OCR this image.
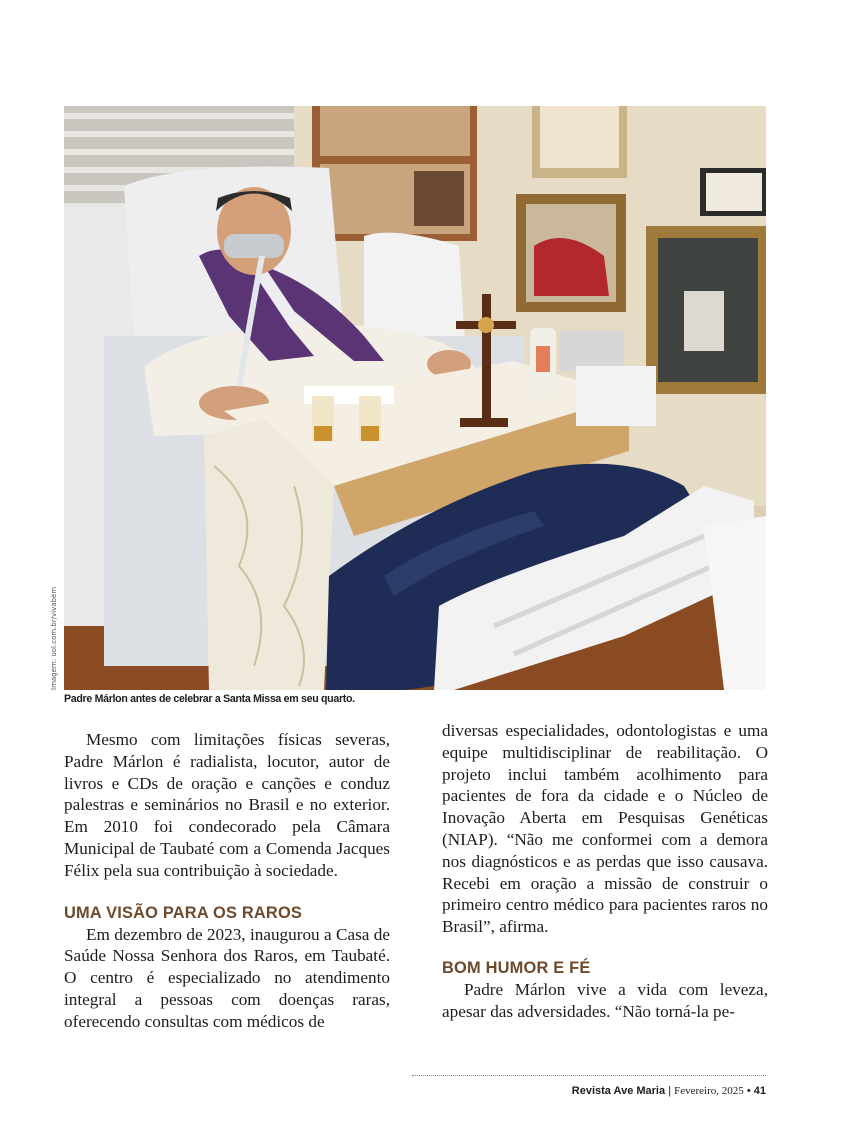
Imagem: uol.com.br/vivabem
Padre Márlon antes de celebrar a Santa Missa em seu quarto.

Mesmo com limitações físicas severas, Padre Márlon é radialista, locutor, autor de livros e CDs de oração e canções e conduz palestras e seminários no Brasil e no exterior. Em 2010 foi condecorado pela Câmara Municipal de Taubaté com a Comenda Jacques Félix pela sua contribuição à sociedade.

UMA VISÃO PARA OS RAROS

Em dezembro de 2023, inaugurou a Casa de Saúde Nossa Senhora dos Raros, em Taubaté. O centro é especializado no atendimento integral a pessoas com doenças raras, oferecendo consultas com médicos de

diversas especialidades, odontologistas e uma equipe multidisciplinar de reabilitação. O projeto inclui também acolhimento para pacientes de fora da cidade e o Núcleo de Inovação Aberta em Pesquisas Genéticas (NIAP). “Não me conformei com a demora nos diagnósticos e as perdas que isso causava. Recebi em oração a missão de construir o primeiro centro médico para pacientes raros no Brasil”, afirma.

BOM HUMOR E FÉ

Padre Márlon vive a vida com leveza, apesar das adversidades. “Não torná-la pe-

Revista Ave Maria | Fevereiro, 2025 • 41
